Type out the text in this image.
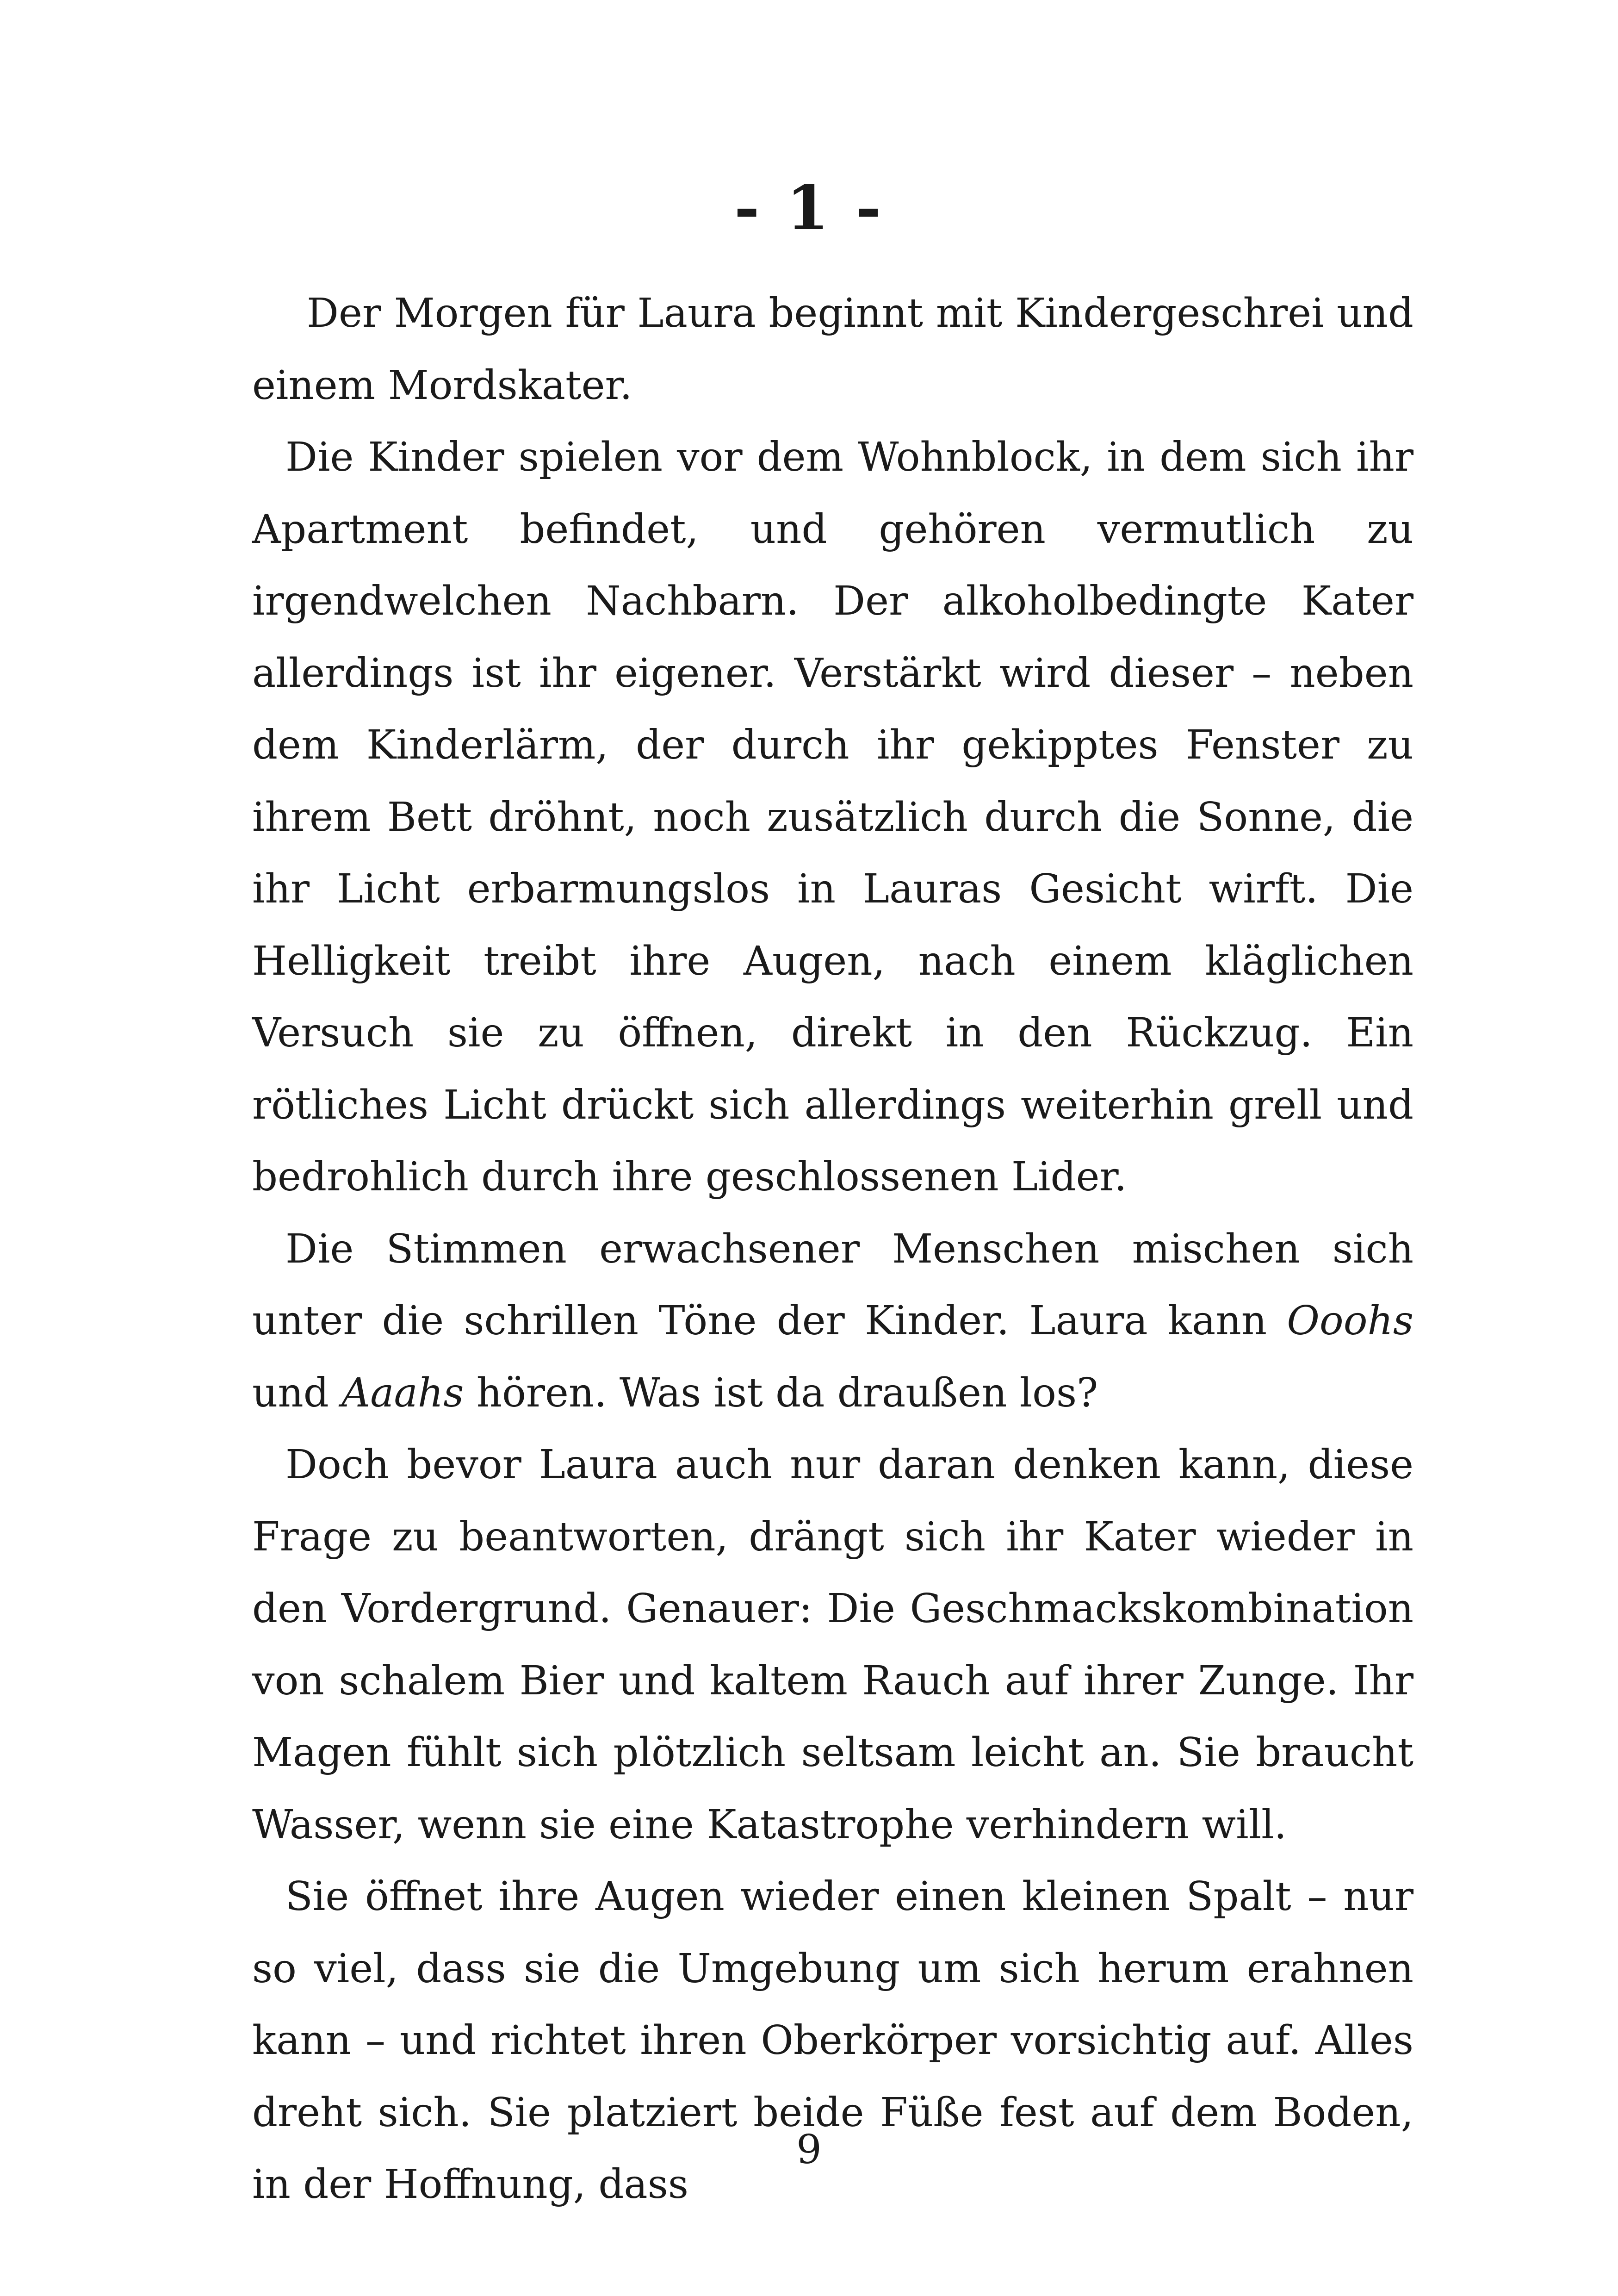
- 1 -

Der Morgen für Laura beginnt mit Kindergeschrei und einem Mordskater.

Die Kinder spielen vor dem Wohnblock, in dem sich ihr Apartment befindet, und gehören vermutlich zu irgendwelchen Nachbarn. Der alkoholbedingte Kater allerdings ist ihr eigener. Verstärkt wird dieser – neben dem Kinderlärm, der durch ihr gekipptes Fenster zu ihrem Bett dröhnt, noch zusätzlich durch die Sonne, die ihr Licht erbarmungslos in Lauras Gesicht wirft. Die Helligkeit treibt ihre Augen, nach einem kläglichen Versuch sie zu öffnen, direkt in den Rückzug. Ein rötliches Licht drückt sich allerdings weiterhin grell und bedrohlich durch ihre geschlossenen Lider.

Die Stimmen erwachsener Menschen mischen sich unter die schrillen Töne der Kinder. Laura kann Ooohs und Aaahs hören. Was ist da draußen los?

Doch bevor Laura auch nur daran denken kann, diese Frage zu beantworten, drängt sich ihr Kater wieder in den Vordergrund. Genauer: Die Geschmackskombination von schalem Bier und kaltem Rauch auf ihrer Zunge. Ihr Magen fühlt sich plötzlich seltsam leicht an. Sie braucht Wasser, wenn sie eine Katastrophe verhindern will.

Sie öffnet ihre Augen wieder einen kleinen Spalt – nur so viel, dass sie die Umgebung um sich herum erahnen kann – und richtet ihren Oberkörper vorsichtig auf. Alles dreht sich. Sie platziert beide Füße fest auf dem Boden, in der Hoffnung, dass

9
